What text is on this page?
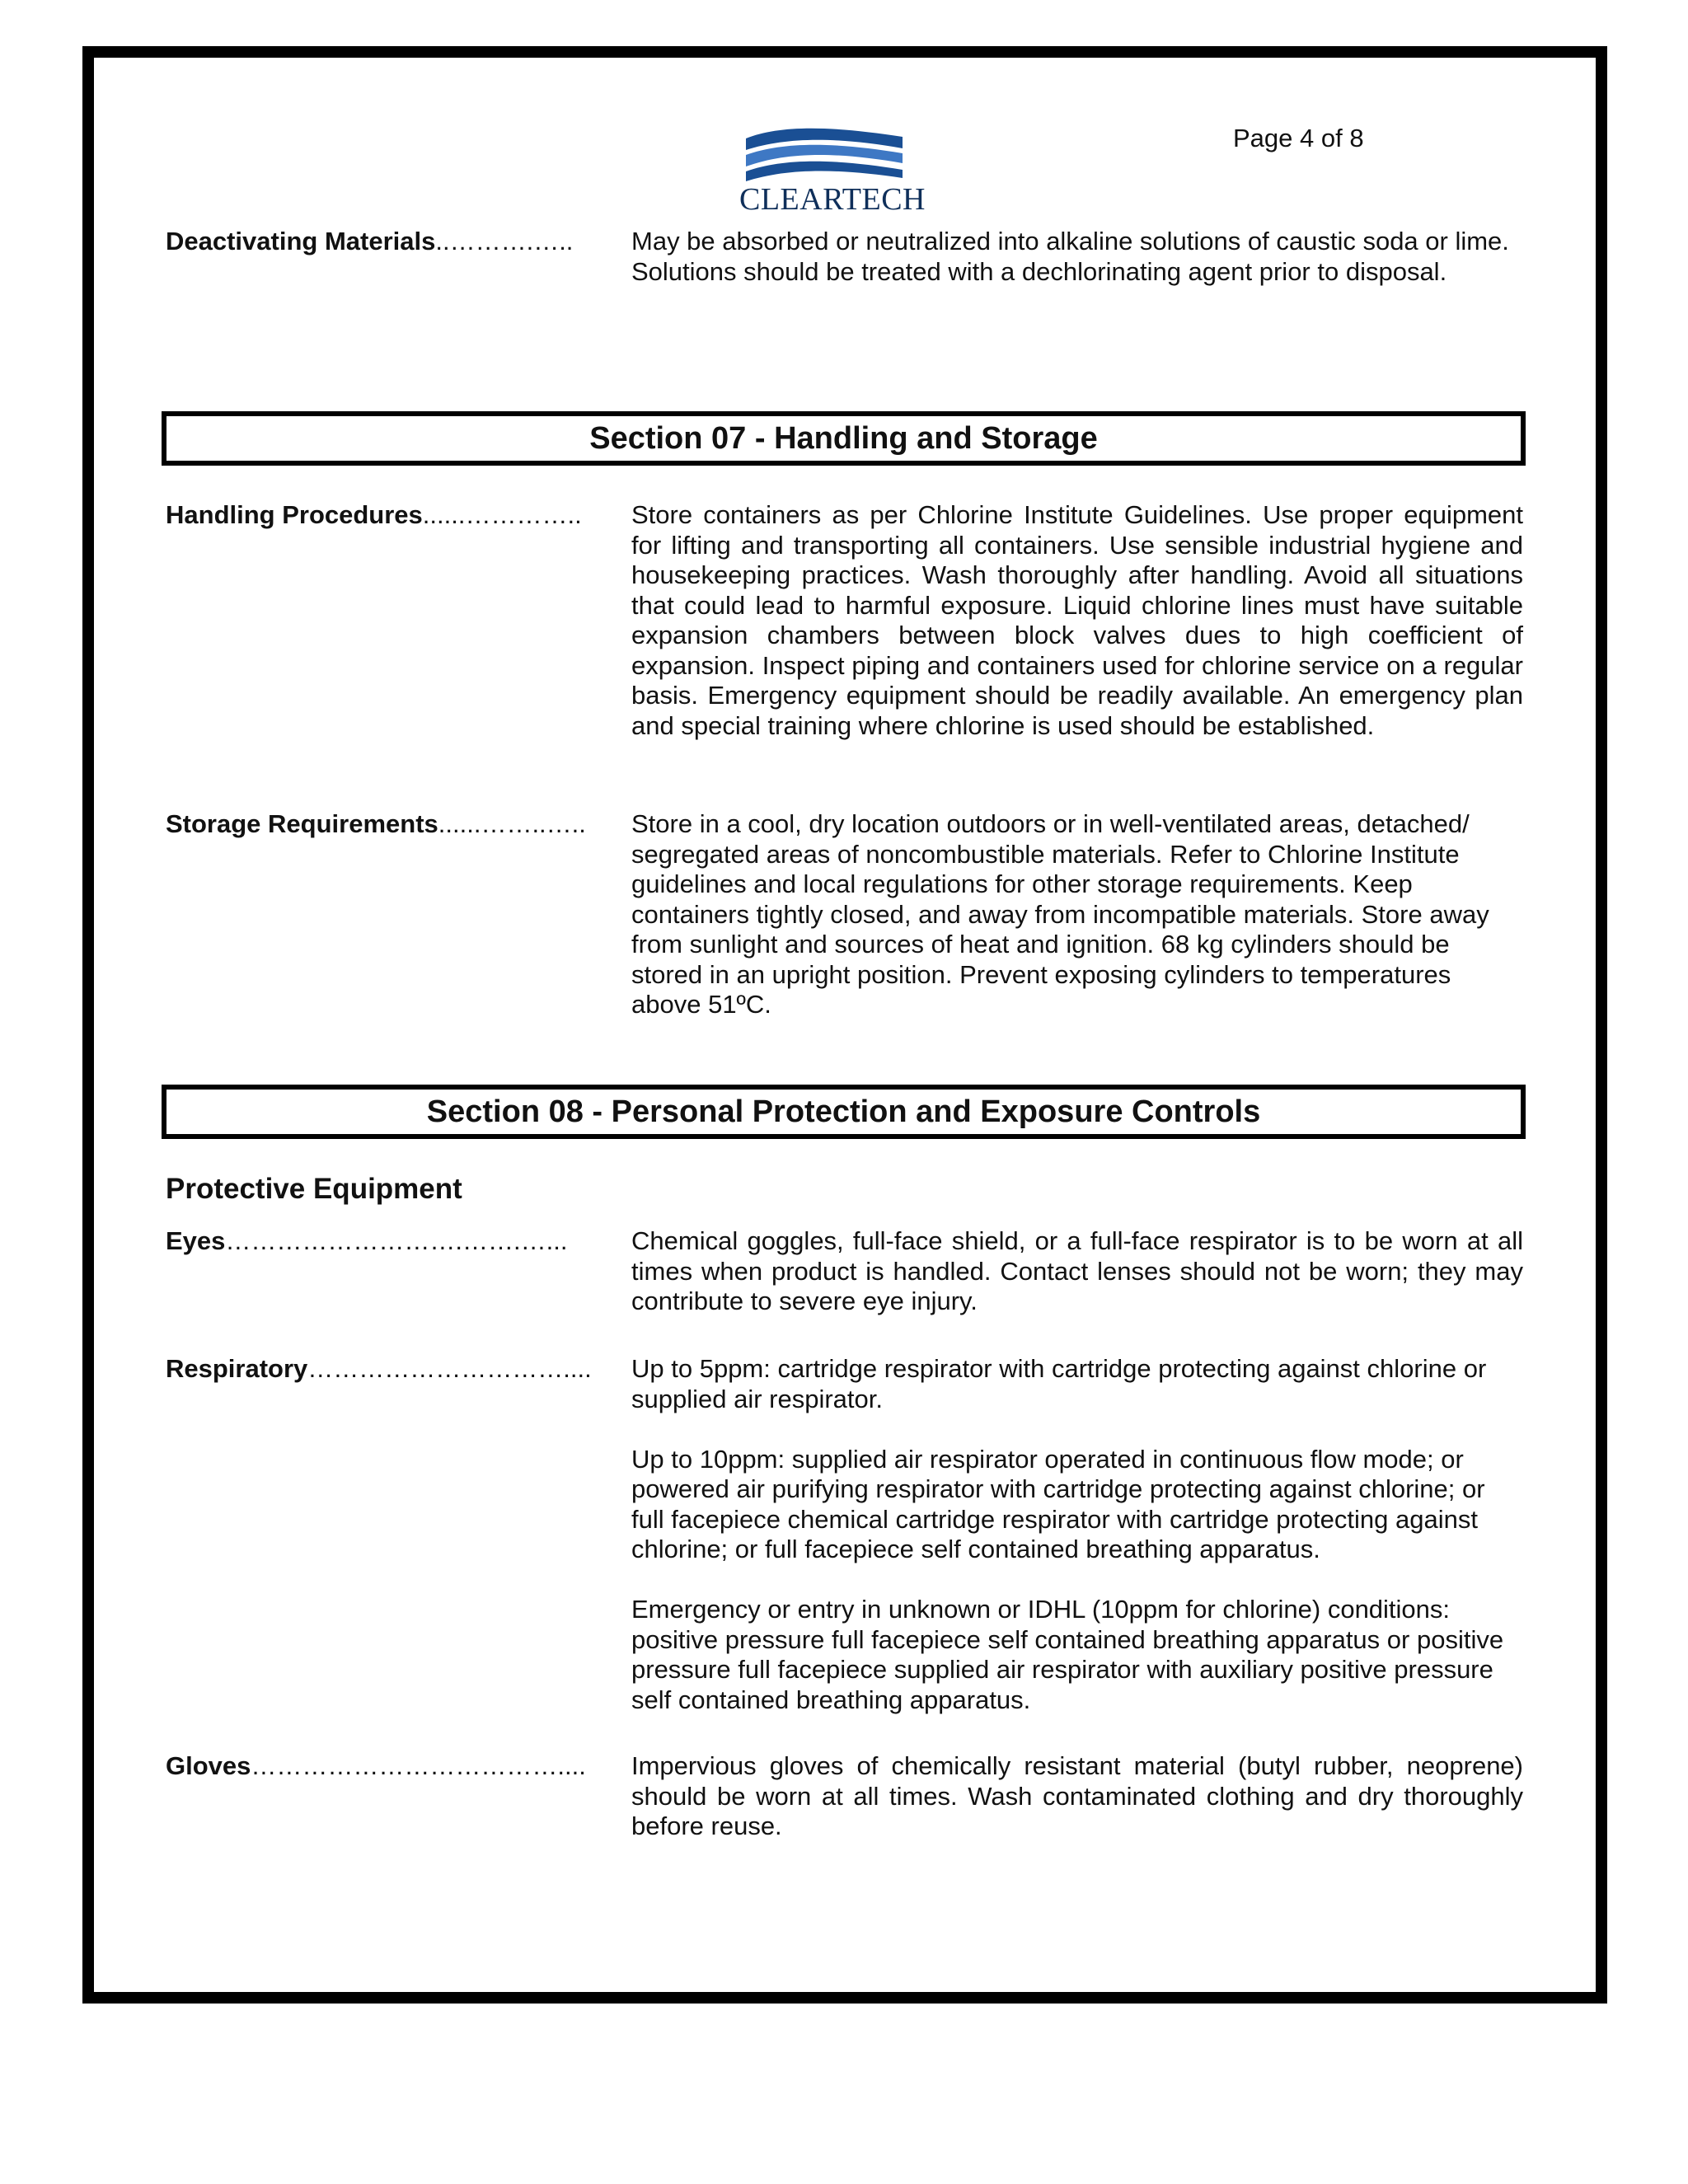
Page 4 of 8
CLEARTECH
Deactivating Materials..……….…..	May be absorbed or neutralized into alkaline solutions of caustic soda or lime. Solutions should be treated with a dechlorinating agent prior to disposal.

Section 07 - Handling and Storage
Handling Procedures......…………..	Store containers as per Chlorine Institute Guidelines. Use proper equipment for lifting and transporting all containers. Use sensible industrial hygiene and housekeeping practices. Wash thoroughly after handling. Avoid all situations that could lead to harmful exposure. Liquid chlorine lines must have suitable expansion chambers between block valves dues to high coefficient of expansion. Inspect piping and containers used for chlorine service on a regular basis. Emergency equipment should be readily available. An emergency plan and special training where chlorine is used should be established.

Storage Requirements......……..…..	Store in a cool, dry location outdoors or in well-ventilated areas, detached/ segregated areas of noncombustible materials. Refer to Chlorine Institute guidelines and local regulations for other storage requirements. Keep containers tightly closed, and away from incompatible materials. Store away from sunlight and sources of heat and ignition. 68 kg cylinders should be stored in an upright position. Prevent exposing cylinders to temperatures above 51ºC.

Section 08 - Personal Protection and Exposure Controls
Protective Equipment
Eyes……………………….…….…...	Chemical goggles, full-face shield, or a full-face respirator is to be worn at all times when product is handled. Contact lenses should not be worn; they may contribute to severe eye injury.

Respiratory…………………………....	Up to 5ppm: cartridge respirator with cartridge protecting against chlorine or supplied air respirator.

Up to 10ppm: supplied air respirator operated in continuous flow mode; or powered air purifying respirator with cartridge protecting against chlorine; or full facepiece chemical cartridge respirator with cartridge protecting against chlorine; or full facepiece self contained breathing apparatus.

Emergency or entry in unknown or IDHL (10ppm for chlorine) conditions: positive pressure full facepiece self contained breathing apparatus or positive pressure full facepiece supplied air respirator with auxiliary positive pressure self contained breathing apparatus.

Gloves………………………………....	Impervious gloves of chemically resistant material (butyl rubber, neoprene) should be worn at all times. Wash contaminated clothing and dry thoroughly before reuse.
